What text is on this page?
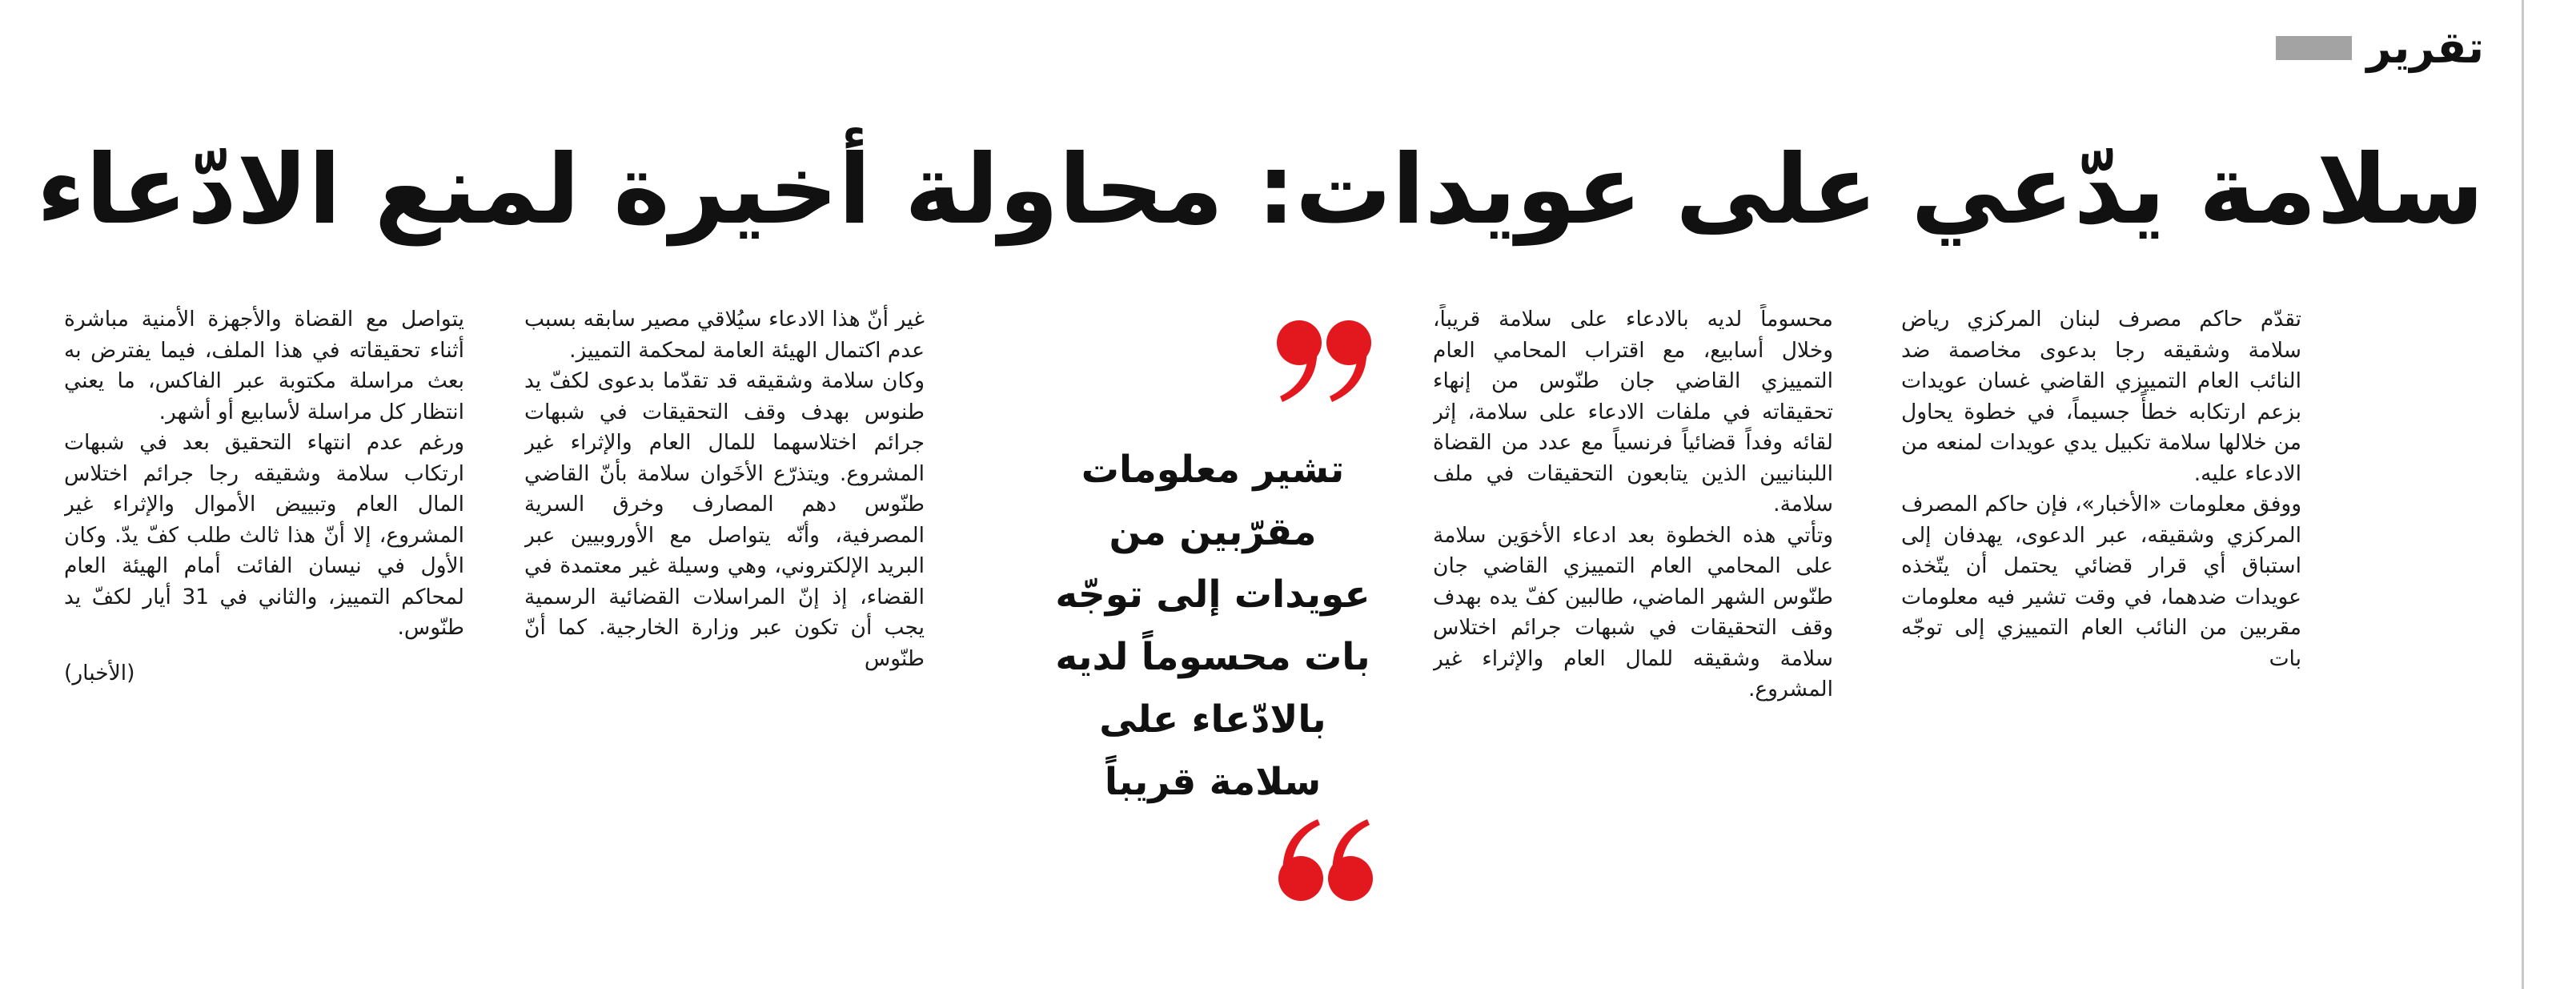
تقرير
سلامة يدّعي على عويدات: محاولة أخيرة لمنع الادّعاء

تقدّم حاكم مصرف لبنان المركزي رياض سلامة وشقيقه رجا بدعوى مخاصمة ضد النائب العام التمييزي القاضي غسان عويدات بزعم ارتكابه خطأً جسيماً، في خطوة يحاول من خلالها سلامة تكبيل يدي عويدات لمنعه من الادعاء عليه.

ووفق معلومات «الأخبار»، فإن حاكم المصرف المركزي وشقيقه، عبر الدعوى، يهدفان إلى استباق أي قرار قضائي يحتمل أن يتّخذه عويدات ضدهما، في وقت تشير فيه معلومات مقربين من النائب العام التمييزي إلى توجّه بات

محسوماً لديه بالادعاء على سلامة قريباً، وخلال أسابيع، مع اقتراب المحامي العام التمييزي القاضي جان طنّوس من إنهاء تحقيقاته في ملفات الادعاء على سلامة، إثر لقائه وفداً قضائياً فرنسياً مع عدد من القضاة اللبنانيين الذين يتابعون التحقيقات في ملف سلامة.

وتأتي هذه الخطوة بعد ادعاء الأخوَين سلامة على المحامي العام التمييزي القاضي جان طنّوس الشهر الماضي، طالبين كفّ يده بهدف وقف التحقيقات في شبهات جرائم اختلاس سلامة وشقيقه للمال العام والإثراء غير المشروع.

تشير معلومات مقرّبين من عويدات إلى توجّه بات محسوماً لديه بالادّعاء على سلامة قريباً

غير أنّ هذا الادعاء سيُلاقي مصير سابقه بسبب عدم اكتمال الهيئة العامة لمحكمة التمييز.

وكان سلامة وشقيقه قد تقدّما بدعوى لكفّ يد طنوس بهدف وقف التحقيقات في شبهات جرائم اختلاسهما للمال العام والإثراء غير المشروع. ويتذرّع الأخَوان سلامة بأنّ القاضي طنّوس دهم المصارف وخرق السرية المصرفية، وأنّه يتواصل مع الأوروبيين عبر البريد الإلكتروني، وهي وسيلة غير معتمدة في القضاء، إذ إنّ المراسلات القضائية الرسمية يجب أن تكون عبر وزارة الخارجية. كما أنّ طنّوس

يتواصل مع القضاة والأجهزة الأمنية مباشرة أثناء تحقيقاته في هذا الملف، فيما يفترض به بعث مراسلة مكتوبة عبر الفاكس، ما يعني انتظار كل مراسلة لأسابيع أو أشهر.

ورغم عدم انتهاء التحقيق بعد في شبهات ارتكاب سلامة وشقيقه رجا جرائم اختلاس المال العام وتبييض الأموال والإثراء غير المشروع، إلا أنّ هذا ثالث طلب كفّ يدّ. وكان الأول في نيسان الفائت أمام الهيئة العام لمحاكم التمييز، والثاني في 31 أيار لكفّ يد طنّوس.

(الأخبار)
